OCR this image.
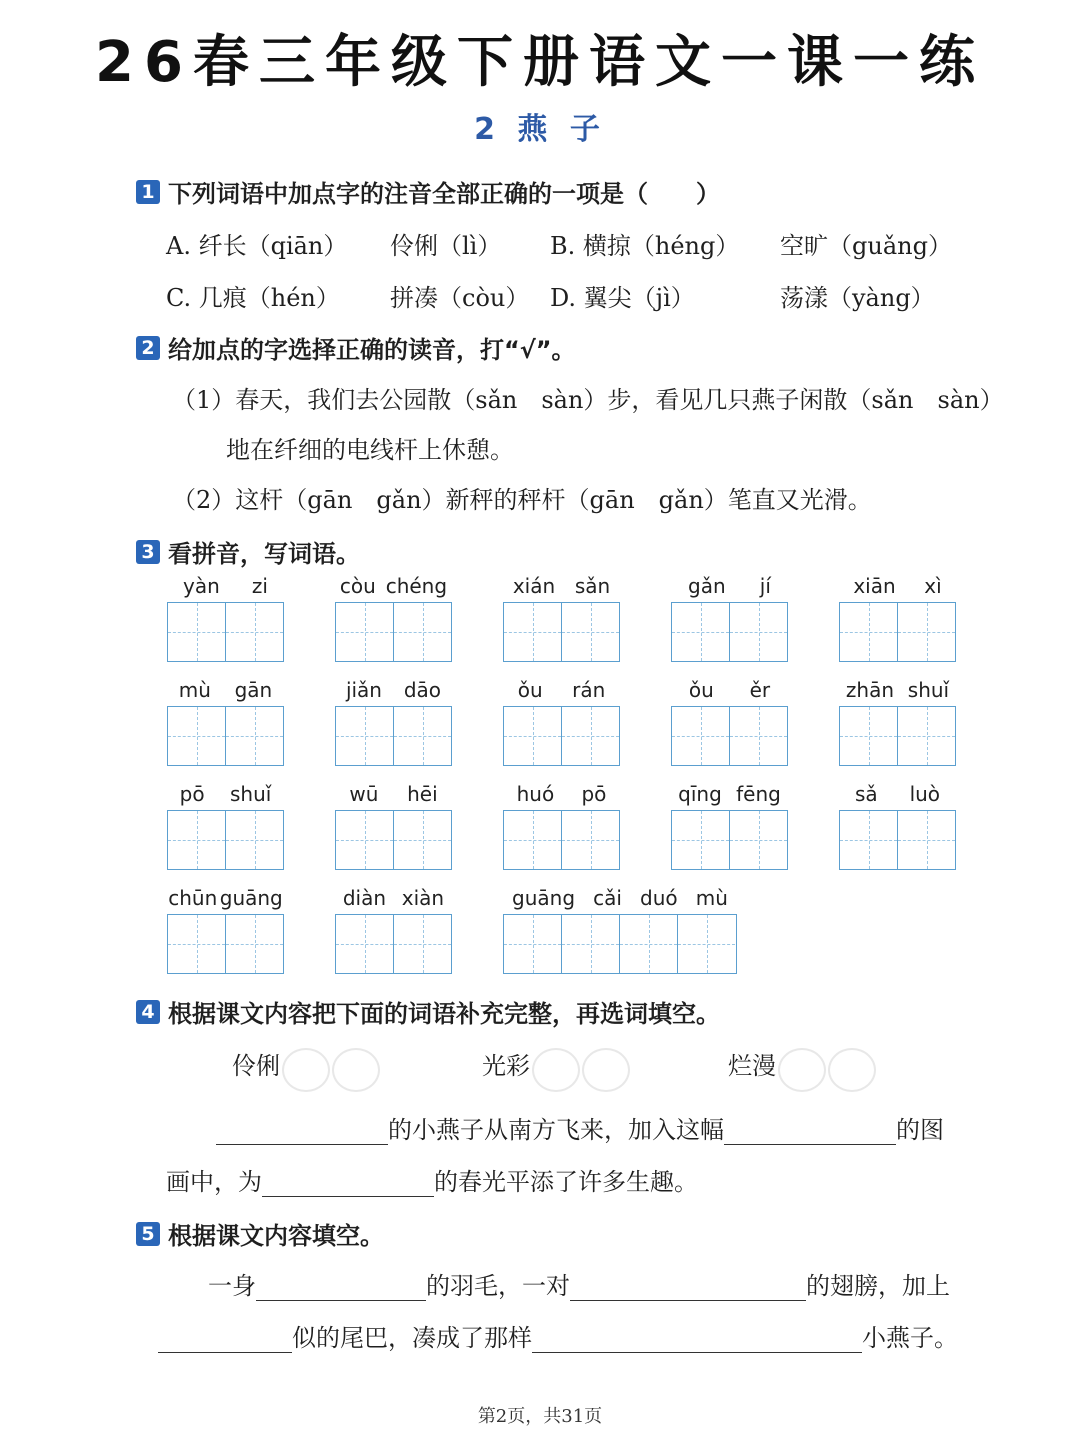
26春三年级下册语文一课一练
2 燕 子
1 下列词语中加点字的注音全部正确的一项是（　　）
A. 纤长（qiān） 伶俐（lì） B. 横掠（héng） 空旷（guǎng）
C. 几痕（hén） 拼凑（còu） D. 翼尖（jì）	荡漾（yàng）
2 给加点的字选择正确的读音，打“√”。
（1）春天，我们去公园散（sǎn　sàn）步，看见几只燕子闲散（sǎn　sàn）
地在纤细的电线杆上休憩。
（2）这杆（gān　gǎn）新秤的秤杆（gān　gǎn）笔直又光滑。
3 看拼音，写词语。
yàn zi	còu chéng	xián sǎn	gǎn jí	xiān xì
mù gān	jiǎn dāo	ǒu rán	ǒu ěr	zhān shuǐ
pō shuǐ	wū hēi	huó pō	qīng fēng	sǎ luò
chūn guāng	diàn xiàn	guāng cǎi duó mù
4 根据课文内容把下面的词语补充完整，再选词填空。
伶俐	光彩	烂漫
的小燕子从南方飞来，加入这幅	的图
画中，为	的春光平添了许多生趣。
5 根据课文内容填空。
一身	的羽毛，一对	的翅膀，加上
似的尾巴，凑成了那样	小燕子。
第2页，共31页
